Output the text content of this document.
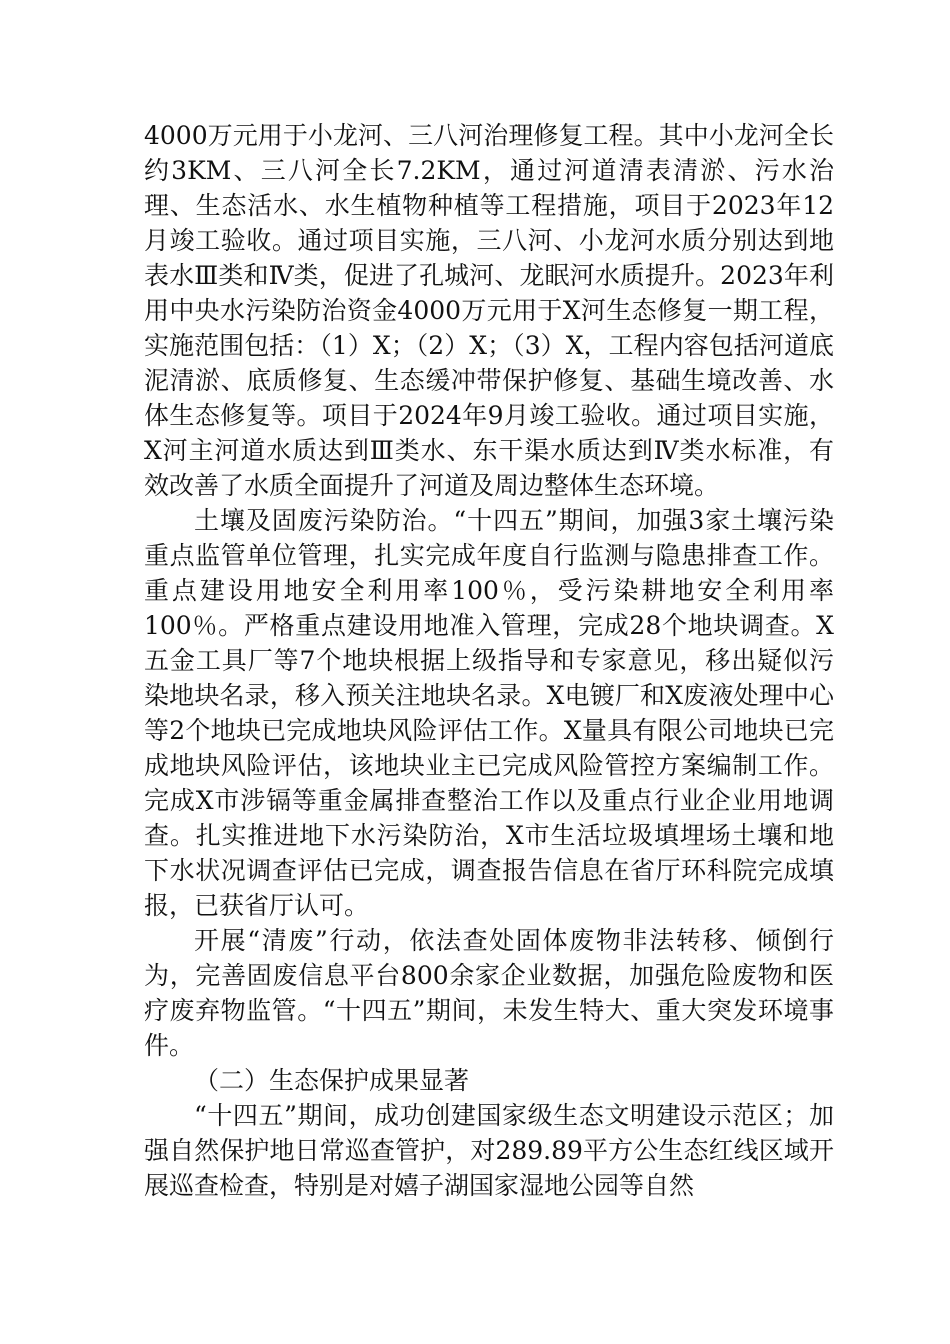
4000万元用于小龙河、三八河治理修复工程。其中小龙河全长约3KM、三八河全长7.2KM，通过河道清表清淤、污水治理、生态活水、水生植物种植等工程措施，项目于2023年12月竣工验收。通过项目实施，三八河、小龙河水质分别达到地表水Ⅲ类和Ⅳ类，促进了孔城河、龙眠河水质提升。2023年利用中央水污染防治资金4000万元用于X河生态修复一期工程，实施范围包括：（1）X；（2）X；（3）X，工程内容包括河道底泥清淤、底质修复、生态缓冲带保护修复、基础生境改善、水体生态修复等。项目于2024年9月竣工验收。通过项目实施，X河主河道水质达到Ⅲ类水、东干渠水质达到Ⅳ类水标准，有效改善了水质全面提升了河道及周边整体生态环境。

土壤及固废污染防治。“十四五”期间，加强3家土壤污染重点监管单位管理，扎实完成年度自行监测与隐患排查工作。重点建设用地安全利用率100％，受污染耕地安全利用率100％。严格重点建设用地准入管理，完成28个地块调查。X五金工具厂等7个地块根据上级指导和专家意见，移出疑似污染地块名录，移入预关注地块名录。X电镀厂和X废液处理中心等2个地块已完成地块风险评估工作。X量具有限公司地块已完成地块风险评估，该地块业主已完成风险管控方案编制工作。完成X市涉镉等重金属排查整治工作以及重点行业企业用地调查。扎实推进地下水污染防治，X市生活垃圾填埋场土壤和地下水状况调查评估已完成，调查报告信息在省厅环科院完成填报，已获省厅认可。

开展“清废”行动，依法查处固体废物非法转移、倾倒行为，完善固废信息平台800余家企业数据，加强危险废物和医疗废弃物监管。“十四五”期间，未发生特大、重大突发环境事件。

（二）生态保护成果显著

“十四五”期间，成功创建国家级生态文明建设示范区；加强自然保护地日常巡查管护，对289.89平方公生态红线区域开展巡查检查，特别是对嬉子湖国家湿地公园等自然
